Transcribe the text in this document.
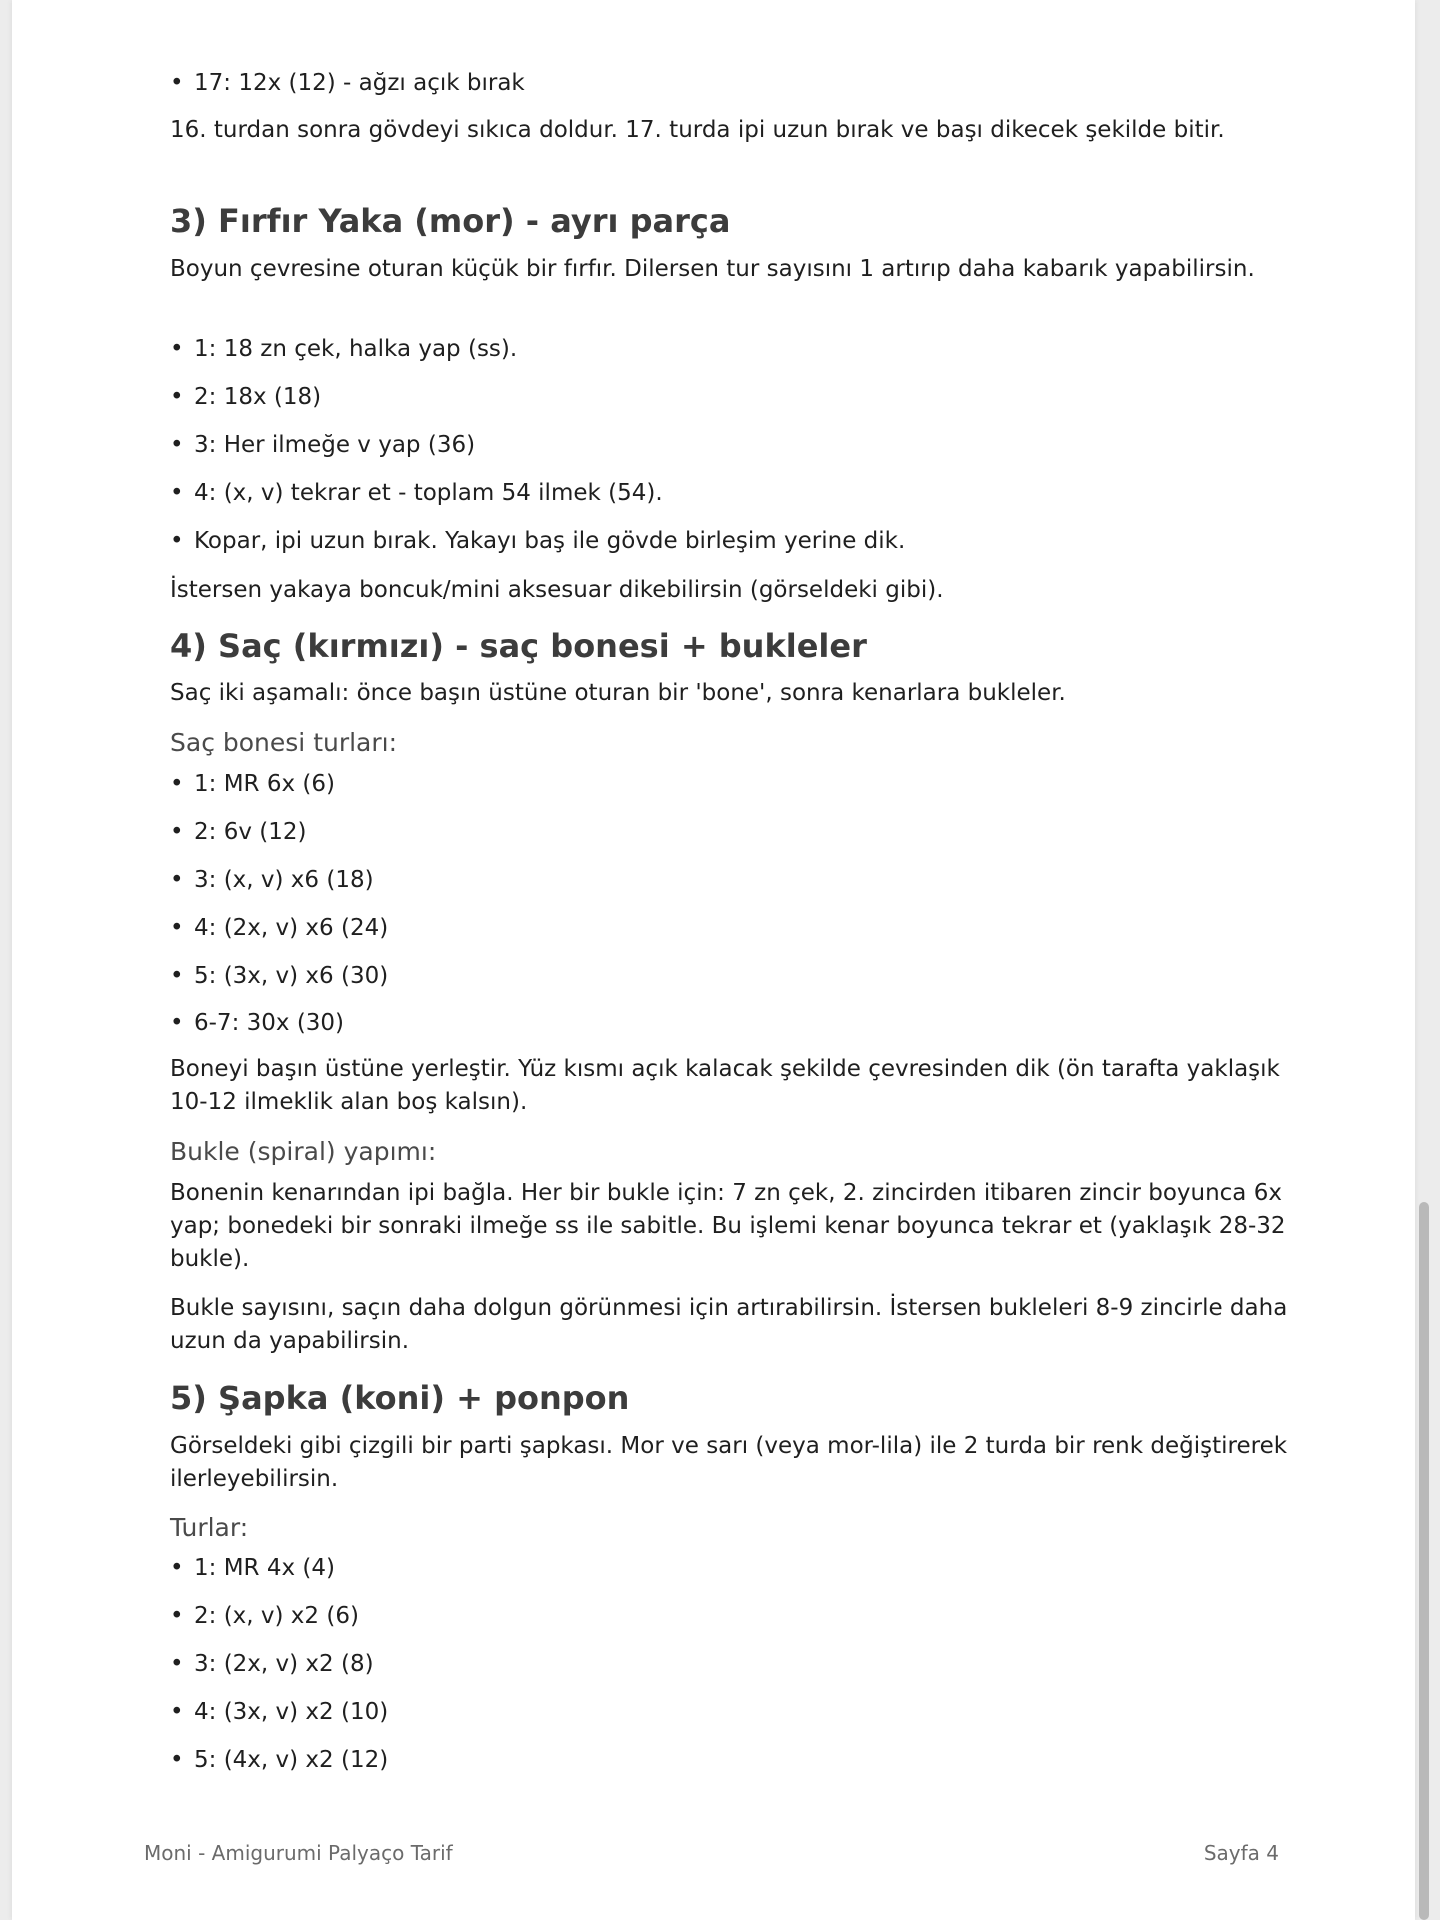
• 17: 12x (12) - ağzı açık bırak

16. turdan sonra gövdeyi sıkıca doldur. 17. turda ipi uzun bırak ve başı dikecek şekilde bitir.

3) Fırfır Yaka (mor) - ayrı parça

Boyun çevresine oturan küçük bir fırfır. Dilersen tur sayısını 1 artırıp daha kabarık yapabilirsin.

• 1: 18 zn çek, halka yap (ss).

• 2: 18x (18)

• 3: Her ilmeğe v yap (36)

• 4: (x, v) tekrar et - toplam 54 ilmek (54).

• Kopar, ipi uzun bırak. Yakayı baş ile gövde birleşim yerine dik.

İstersen yakaya boncuk/mini aksesuar dikebilirsin (görseldeki gibi).

4) Saç (kırmızı) - saç bonesi + bukleler

Saç iki aşamalı: önce başın üstüne oturan bir 'bone', sonra kenarlara bukleler.

Saç bonesi turları:

• 1: MR 6x (6)

• 2: 6v (12)

• 3: (x, v) x6 (18)

• 4: (2x, v) x6 (24)

• 5: (3x, v) x6 (30)

• 6-7: 30x (30)

Boneyi başın üstüne yerleştir. Yüz kısmı açık kalacak şekilde çevresinden dik (ön tarafta yaklaşık 10-12 ilmeklik alan boş kalsın).

Bukle (spiral) yapımı:

Bonenin kenarından ipi bağla. Her bir bukle için: 7 zn çek, 2. zincirden itibaren zincir boyunca 6x yap; bonedeki bir sonraki ilmeğe ss ile sabitle. Bu işlemi kenar boyunca tekrar et (yaklaşık 28-32 bukle).

Bukle sayısını, saçın daha dolgun görünmesi için artırabilirsin. İstersen bukleleri 8-9 zincirle daha uzun da yapabilirsin.

5) Şapka (koni) + ponpon

Görseldeki gibi çizgili bir parti şapkası. Mor ve sarı (veya mor-lila) ile 2 turda bir renk değiştirerek ilerleyebilirsin.

Turlar:

• 1: MR 4x (4)

• 2: (x, v) x2 (6)

• 3: (2x, v) x2 (8)

• 4: (3x, v) x2 (10)

• 5: (4x, v) x2 (12)

Moni - Amigurumi Palyaço Tarif	Sayfa 4
